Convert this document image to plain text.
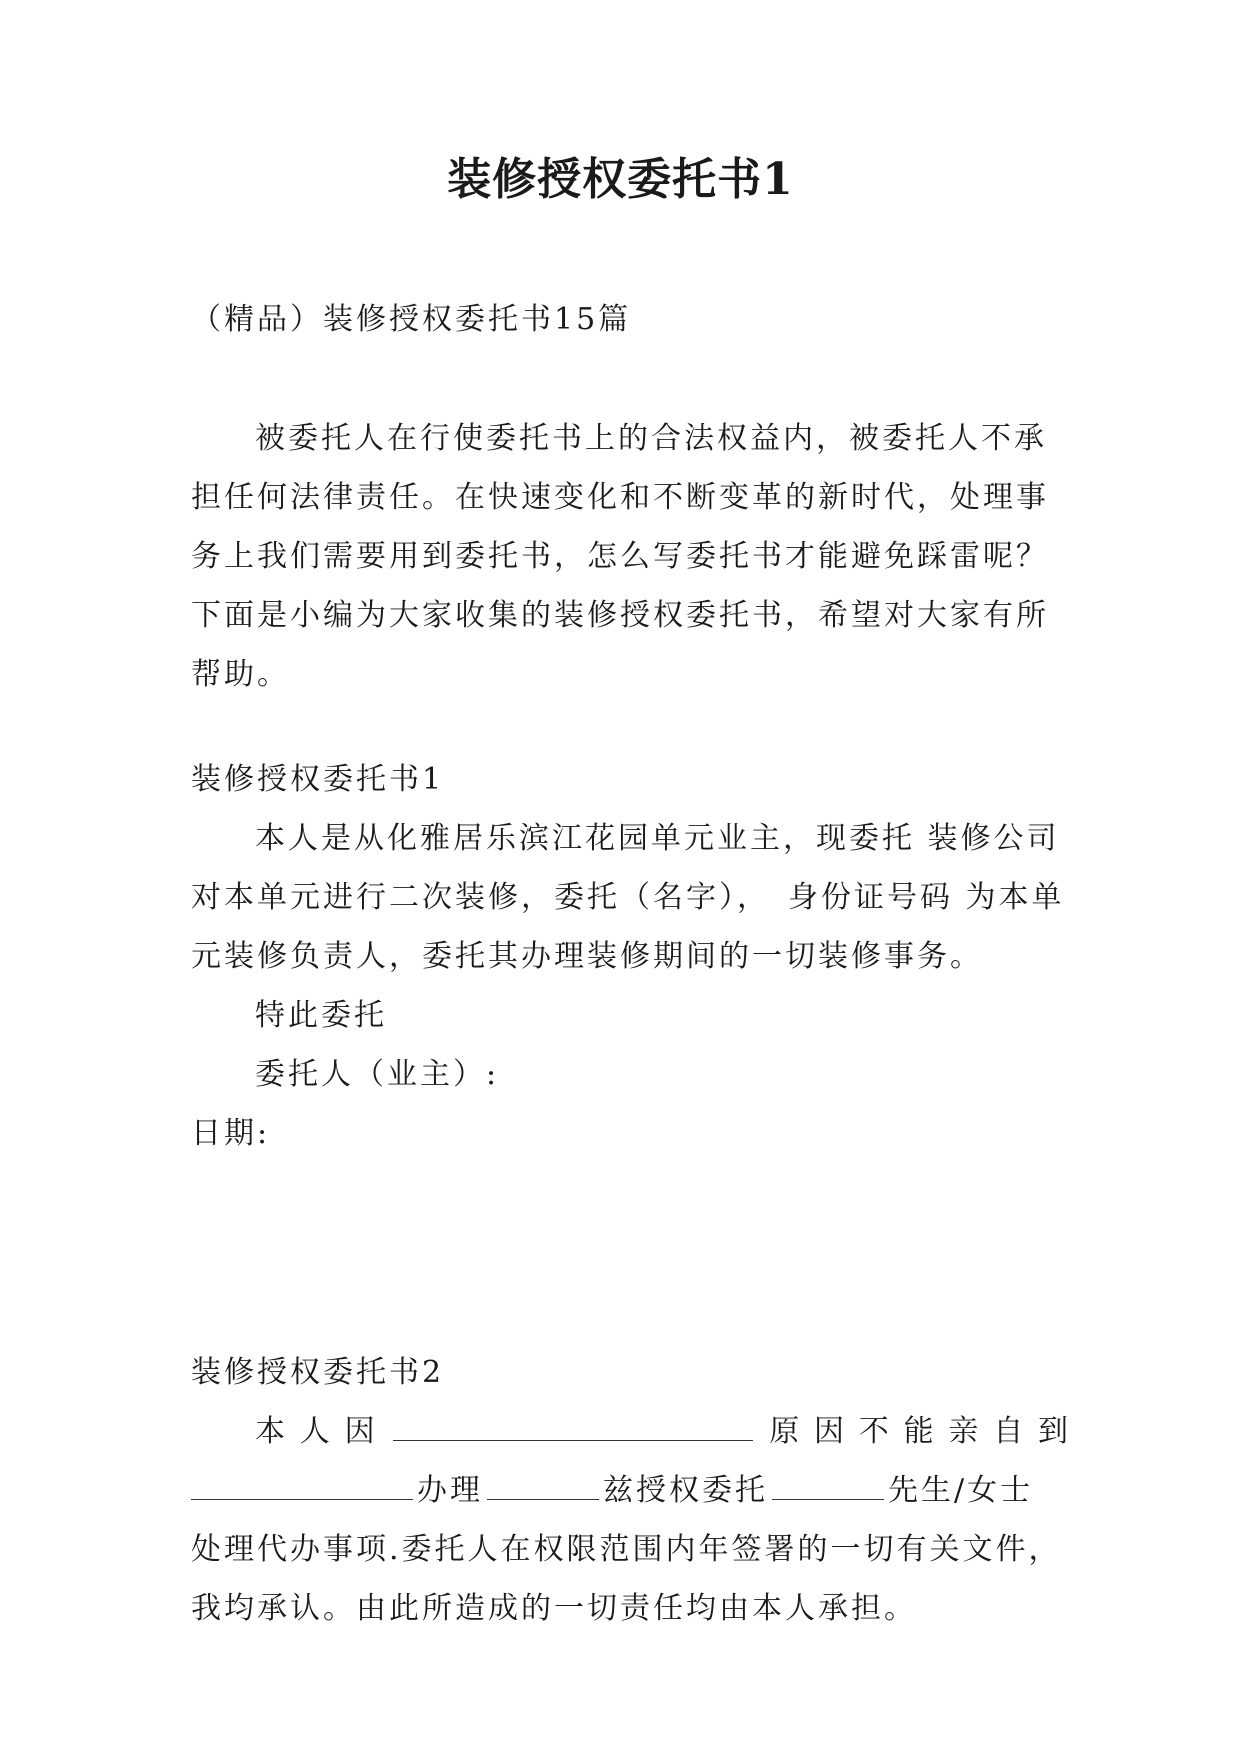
装修授权委托书1

（精品）装修授权委托书15篇

被委托人在行使委托书上的合法权益内，被委托人不承担任何法律责任。在快速变化和不断变革的新时代，处理事务上我们需要用到委托书，怎么写委托书才能避免踩雷呢？下面是小编为大家收集的装修授权委托书，希望对大家有所帮助。

装修授权委托书1

本人是从化雅居乐滨江花园单元业主，现委托 装修公司对本单元进行二次装修，委托（名字），　身份证号码 为本单元装修负责人，委托其办理装修期间的一切装修事务。

特此委托

委托人（业主）:

日期:

装修授权委托书2

本人因	原因不能亲自到

办理	兹授权委托	先生/女士

处理代办事项.委托人在权限范围内年签署的一切有关文件，我均承认。由此所造成的一切责任均由本人承担。
